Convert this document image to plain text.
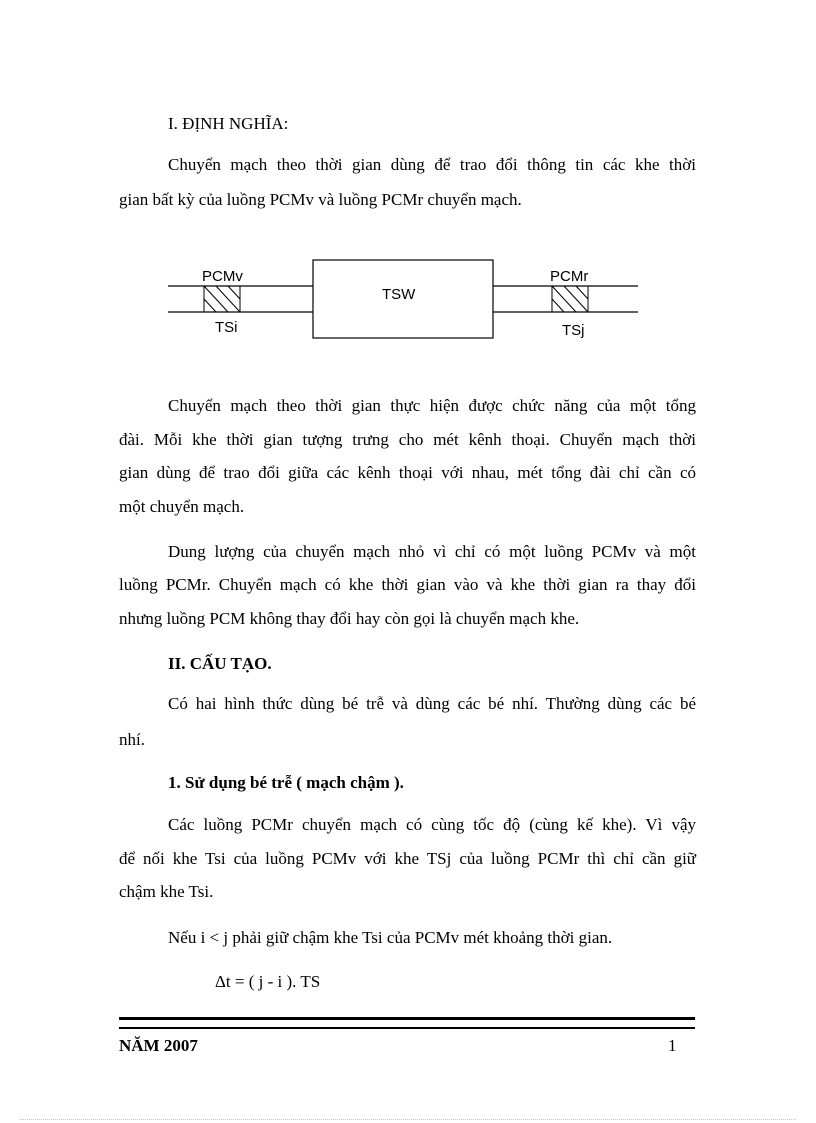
I. ĐỊNH NGHĨA:
Chuyển mạch theo thời gian dùng để trao đổi thông tin các khe thời
gian bất kỳ của luồng PCMv và luồng PCMr chuyển mạch.
PCMv
TSi
TSW
PCMr
TSj
Chuyển mạch theo thời gian thực hiện được chức năng của một tổng
đài. Mỗi khe thời gian tượng trưng cho mét kênh thoại. Chuyển mạch thời
gian dùng để trao đổi giữa các kênh thoại với nhau, mét tổng đài chỉ cần có
một chuyển mạch.
Dung lượng của chuyển mạch nhỏ vì chỉ có một luồng PCMv và một
luồng PCMr. Chuyển mạch có khe thời gian vào và khe thời gian ra thay đổi
nhưng luồng PCM không thay đổi hay còn gọi là chuyển mạch khe.
II. CẤU TẠO.
Có hai hình thức dùng bé trễ và dùng các bé nhí. Thường dùng các bé
nhí.
1. Sử dụng bé trễ ( mạch chậm ).
Các luồng PCMr chuyển mạch có cùng tốc độ (cùng kế khe). Vì vậy
để nối khe Tsi của luồng PCMv với khe TSj của luồng PCMr thì chỉ cần giữ
chậm khe Tsi.
Nếu i < j phải giữ chậm khe Tsi của PCMv mét khoảng thời gian.
Δt = ( j - i ). TS
NĂM 2007	1
